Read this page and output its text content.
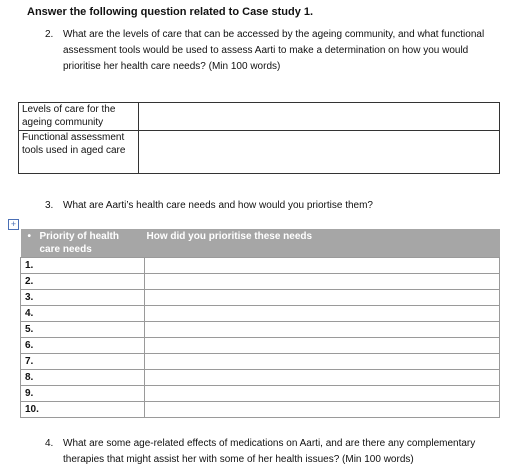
Answer the following question related to Case study 1.
2. What are the levels of care that can be accessed by the ageing community, and what functional assessment tools would be used to assess Aarti to make a determination on how you would prioritise her health care needs? (Min 100 words)
Levels of care for the ageing community	
Functional assessment tools used in aged care	
3. What are Aarti’s health care needs and how would you priortise them?
+
• Priority of health care needs	How did you prioritise these needs
1.	
2.	
3.	
4.	
5.	
6.	
7.	
8.	
9.	
10.	
4. What are some age-related effects of medications on Aarti, and are there any complementary therapies that might assist her with some of her health issues? (Min 100 words)
